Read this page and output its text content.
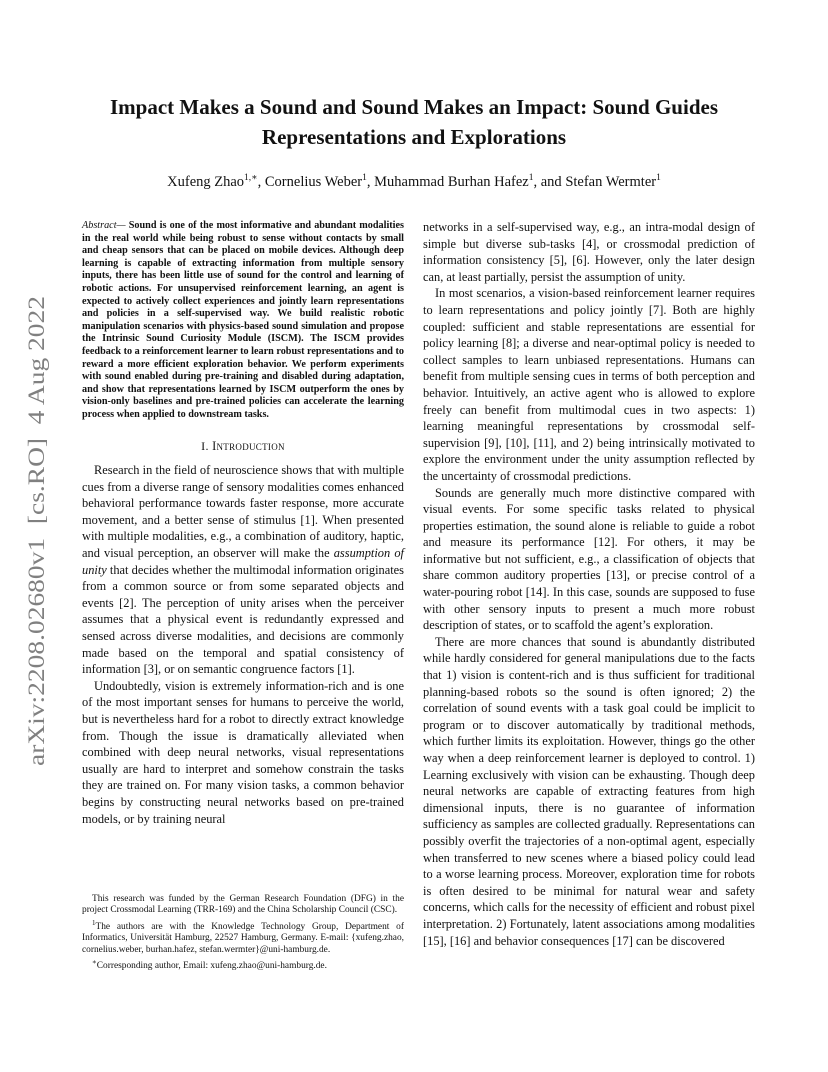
arXiv:2208.02680v1  [cs.RO]  4 Aug 2022
Impact Makes a Sound and Sound Makes an Impact: Sound Guides Representations and Explorations
Xufeng Zhao$^{1,∗}$, Cornelius Weber$^1$, Muhammad Burhan Hafez$^1$, and Stefan Wermter$^1$

Abstract— Sound is one of the most informative and abundant modalities in the real world while being robust to sense without contacts by small and cheap sensors that can be placed on mobile devices. Although deep learning is capable of extracting information from multiple sensory inputs, there has been little use of sound for the control and learning of robotic actions. For unsupervised reinforcement learning, an agent is expected to actively collect experiences and jointly learn representations and policies in a self-supervised way. We build realistic robotic manipulation scenarios with physics-based sound simulation and propose the Intrinsic Sound Curiosity Module (ISCM). The ISCM provides feedback to a reinforcement learner to learn robust representations and to reward a more efficient exploration behavior. We perform experiments with sound enabled during pre-training and disabled during adaptation, and show that representations learned by ISCM outperform the ones by vision-only baselines and pre-trained policies can accelerate the learning process when applied to downstream tasks.

I. Introduction

Research in the field of neuroscience shows that with multiple cues from a diverse range of sensory modalities comes enhanced behavioral performance towards faster response, more accurate movement, and a better sense of stimulus [1]. When presented with multiple modalities, e.g., a combination of auditory, haptic, and visual perception, an observer will make the assumption of unity that decides whether the multimodal information originates from a common source or from some separated objects and events [2]. The perception of unity arises when the perceiver assumes that a physical event is redundantly expressed and sensed across diverse modalities, and decisions are commonly made based on the temporal and spatial consistency of information [3], or on semantic congruence factors [1].

Undoubtedly, vision is extremely information-rich and is one of the most important senses for humans to perceive the world, but is nevertheless hard for a robot to directly extract knowledge from. Though the issue is dramatically alleviated when combined with deep neural networks, visual representations usually are hard to interpret and somehow constrain the tasks they are trained on. For many vision tasks, a common behavior begins by constructing neural networks based on pre-trained models, or by training neural

This research was funded by the German Research Foundation (DFG) in the project Crossmodal Learning (TRR-169) and the China Scholarship Council (CSC).

$^1$The authors are with the Knowledge Technology Group, Department of Informatics, Universität Hamburg, 22527 Hamburg, Germany. E-mail: {xufeng.zhao, cornelius.weber, burhan.hafez, stefan.wermter}@uni-hamburg.de.

∗Corresponding author, Email: xufeng.zhao@uni-hamburg.de.

networks in a self-supervised way, e.g., an intra-modal design of simple but diverse sub-tasks [4], or crossmodal prediction of information consistency [5], [6]. However, only the later design can, at least partially, persist the assumption of unity.

In most scenarios, a vision-based reinforcement learner requires to learn representations and policy jointly [7]. Both are highly coupled: sufficient and stable representations are essential for policy learning [8]; a diverse and near-optimal policy is needed to collect samples to learn unbiased representations. Humans can benefit from multiple sensing cues in terms of both perception and behavior. Intuitively, an active agent who is allowed to explore freely can benefit from multimodal cues in two aspects: 1) learning meaningful representations by crossmodal self-supervision [9], [10], [11], and 2) being intrinsically motivated to explore the environment under the unity assumption reflected by the uncertainty of crossmodal predictions.

Sounds are generally much more distinctive compared with visual events. For some specific tasks related to physical properties estimation, the sound alone is reliable to guide a robot and measure its performance [12]. For others, it may be informative but not sufficient, e.g., a classification of objects that share common auditory properties [13], or precise control of a water-pouring robot [14]. In this case, sounds are supposed to fuse with other sensory inputs to present a much more robust description of states, or to scaffold the agent’s exploration.

There are more chances that sound is abundantly distributed while hardly considered for general manipulations due to the facts that 1) vision is content-rich and is thus sufficient for traditional planning-based robots so the sound is often ignored; 2) the correlation of sound events with a task goal could be implicit to program or to discover automatically by traditional methods, which further limits its exploitation. However, things go the other way when a deep reinforcement learner is deployed to control. 1) Learning exclusively with vision can be exhausting. Though deep neural networks are capable of extracting features from high dimensional inputs, there is no guarantee of information sufficiency as samples are collected gradually. Representations can possibly overfit the trajectories of a non-optimal agent, especially when transferred to new scenes where a biased policy could lead to a worse learning process. Moreover, exploration time for robots is often desired to be minimal for natural wear and safety concerns, which calls for the necessity of efficient and robust pixel interpretation. 2) Fortunately, latent associations among modalities [15], [16] and behavior consequences [17] can be discovered
